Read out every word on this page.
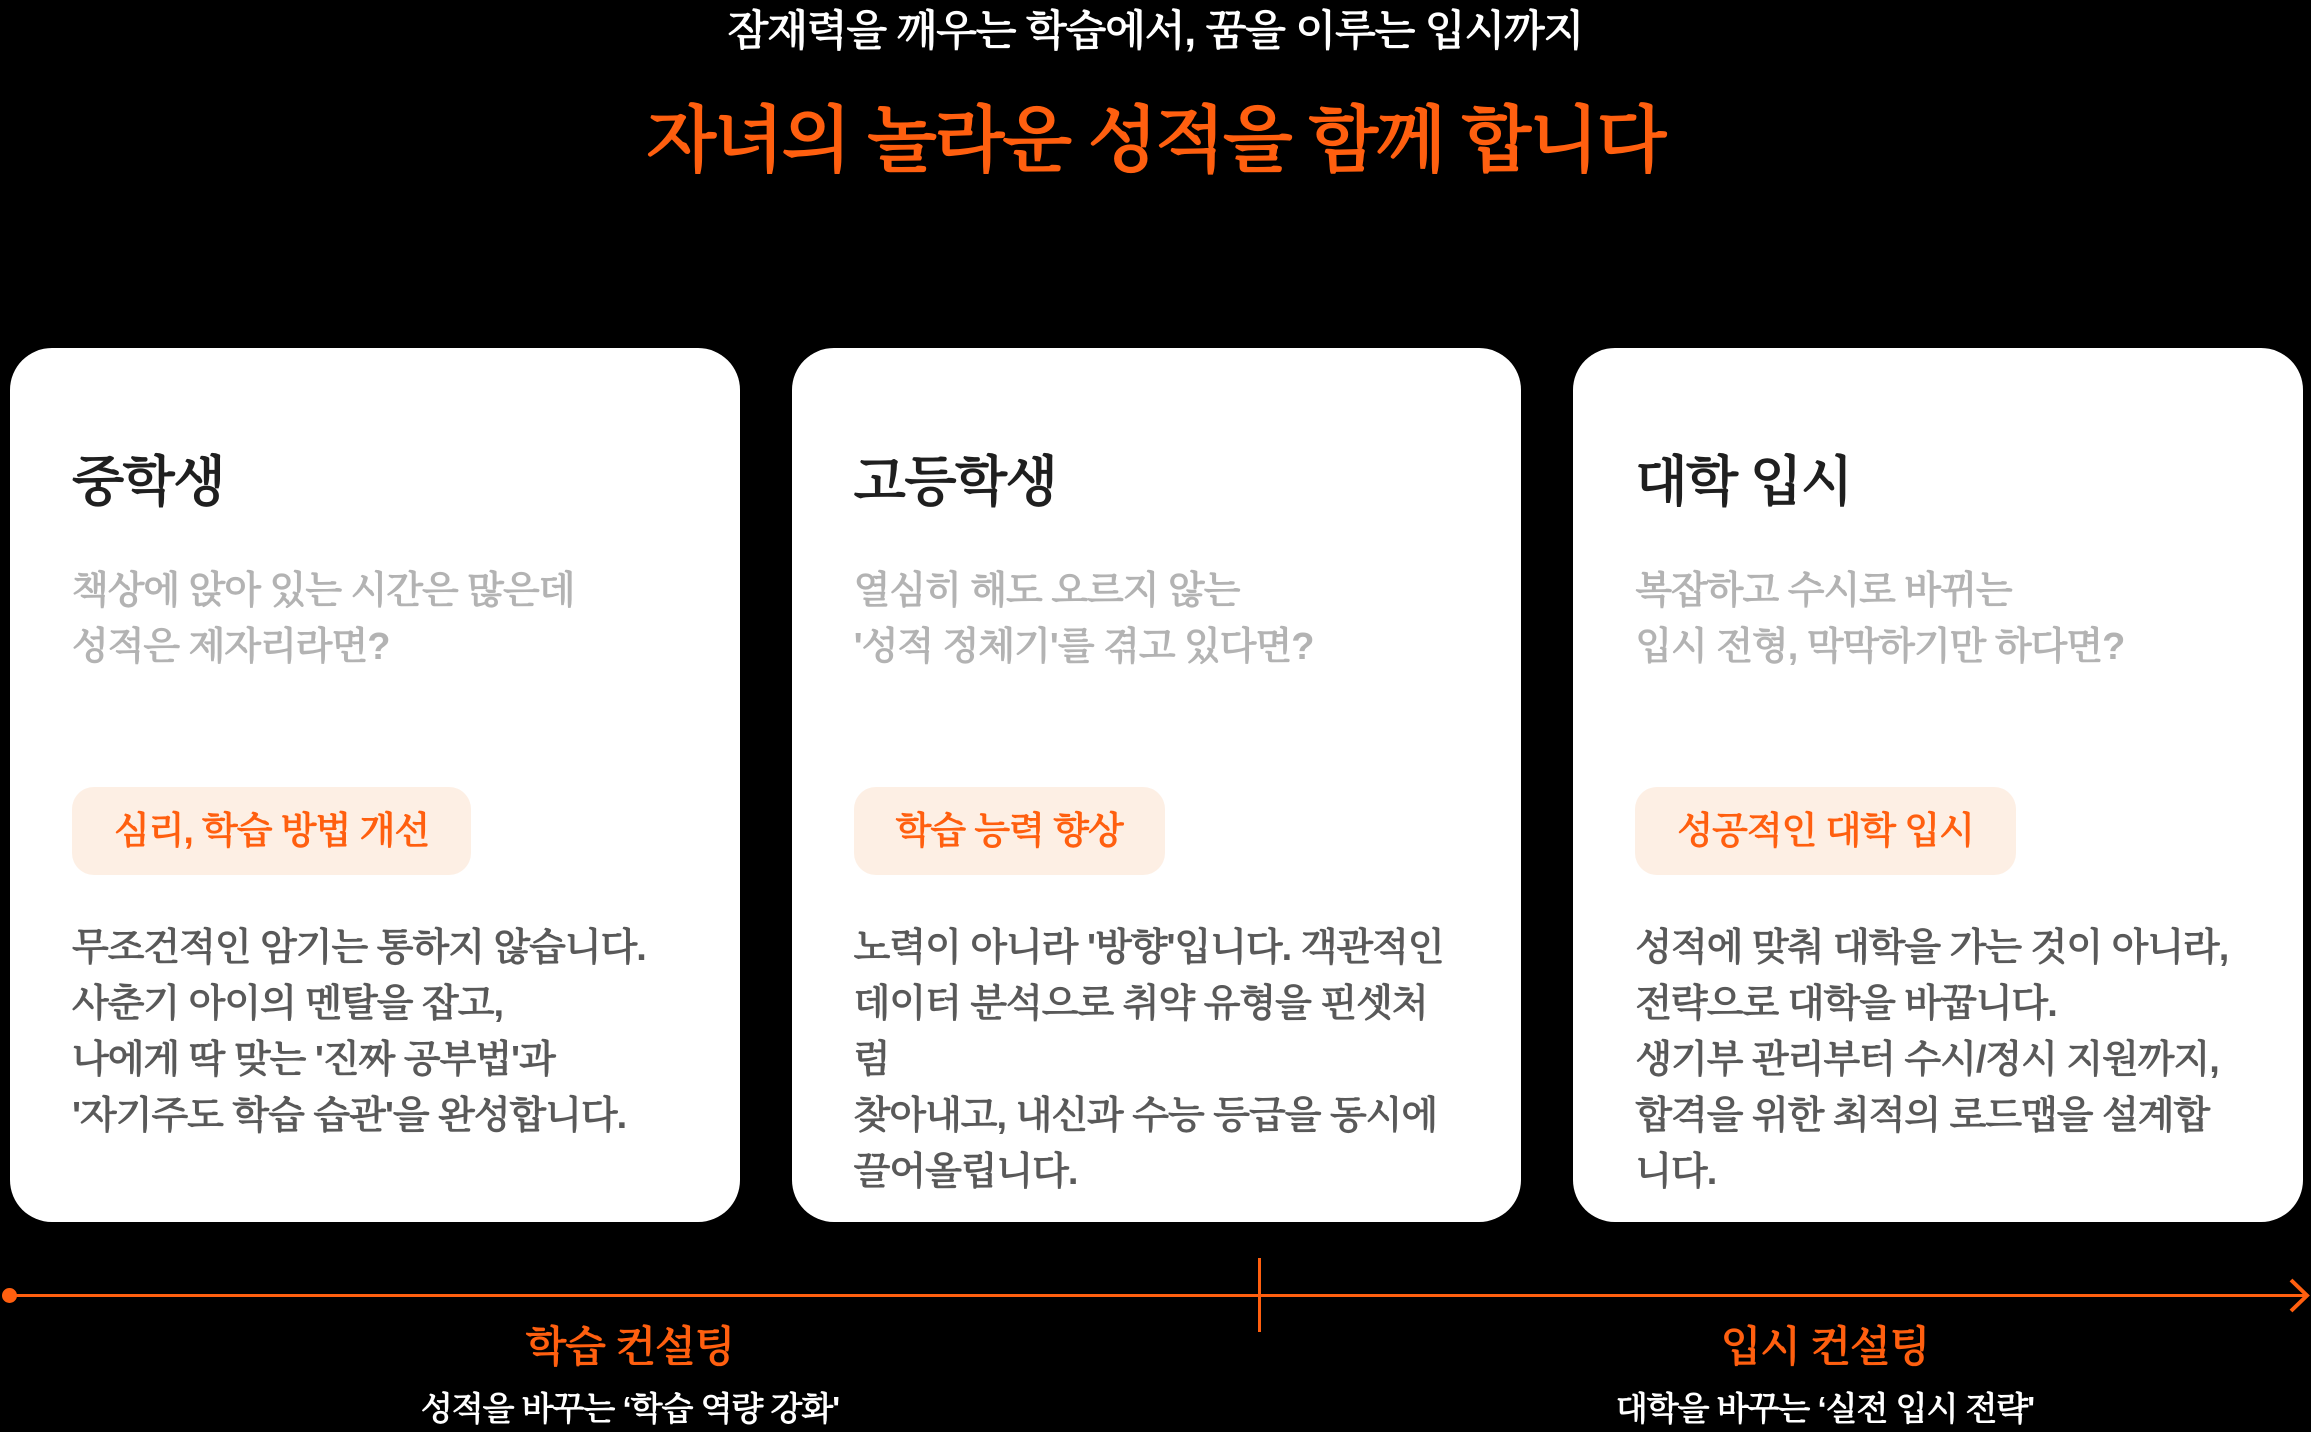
잠재력을 깨우는 학습에서, 꿈을 이루는 입시까지
자녀의 놀라운 성적을 함께 합니다
중학생
책상에 앉아 있는 시간은 많은데
성적은 제자리라면?
심리, 학습 방법 개선
무조건적인 암기는 통하지 않습니다.
사춘기 아이의 멘탈을 잡고,
나에게 딱 맞는 '진짜 공부법'과
'자기주도 학습 습관'을 완성합니다.
고등학생
열심히 해도 오르지 않는
'성적 정체기'를 겪고 있다면?
학습 능력 향상
노력이 아니라 '방향'입니다. 객관적인
데이터 분석으로 취약 유형을 핀셋처럼
찾아내고, 내신과 수능 등급을 동시에
끌어올립니다.
대학 입시
복잡하고 수시로 바뀌는
입시 전형, 막막하기만 하다면?
성공적인 대학 입시
성적에 맞춰 대학을 가는 것이 아니라,
전략으로 대학을 바꿉니다.
생기부 관리부터 수시/정시 지원까지,
합격을 위한 최적의 로드맵을 설계합니다.
학습 컨설팅
성적을 바꾸는 ‘학습 역량 강화'
입시 컨설팅
대학을 바꾸는 ‘실전 입시 전략'
